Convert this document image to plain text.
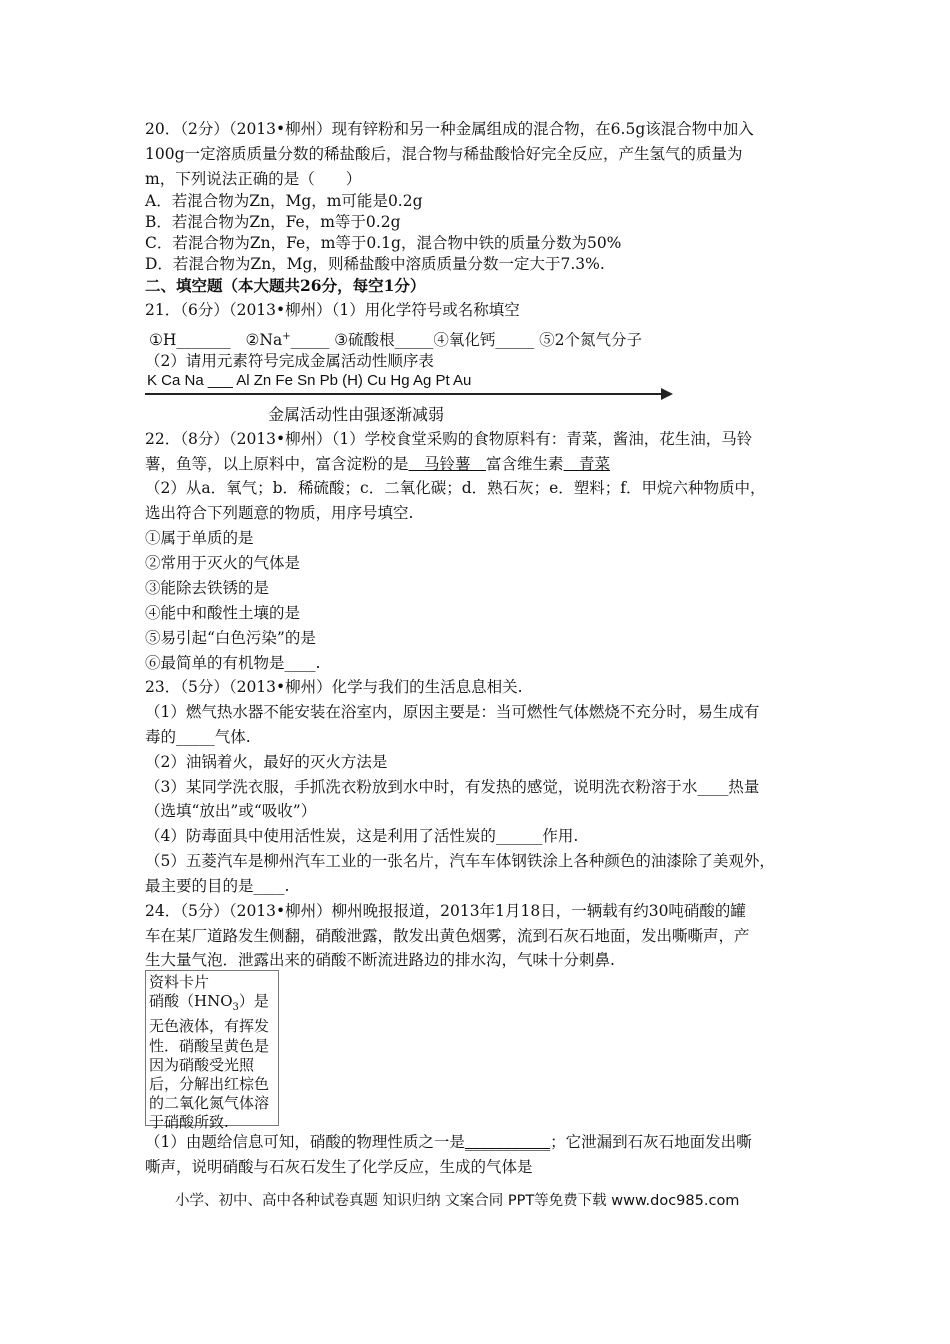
20．（2分）（2013•柳州）现有锌粉和另一种金属组成的混合物，在6.5g该混合物中加入
100g一定溶质质量分数的稀盐酸后，混合物与稀盐酸恰好完全反应，产生氢气的质量为
m，下列说法正确的是（　　）
A．若混合物为Zn，Mg，m可能是0.2g
B．若混合物为Zn，Fe，m等于0.2g
C．若混合物为Zn，Fe，m等于0.1g，混合物中铁的质量分数为50%
D．若混合物为Zn，Mg，则稀盐酸中溶质质量分数一定大于7.3%.
二、填空题（本大题共26分，每空1分）
21．（6分）（2013•柳州）（1）用化学符号或名称填空
①H_______ ②Na+_____ ③硫酸根_____④氧化钙_____ ⑤2个氮气分子
（2）请用元素符号完成金属活动性顺序表
K Ca Na ___ Al Zn Fe Sn Pb (H) Cu Hg Ag Pt Au
金属活动性由强逐渐减弱
22．（8分）（2013•柳州）（1）学校食堂采购的食物原料有：青菜，酱油，花生油，马铃
薯，鱼等，以上原料中，富含淀粉的是　马铃薯　富含维生素　青菜
（2）从a．氧气；b．稀硫酸；c．二氧化碳；d．熟石灰；e．塑料；f．甲烷六种物质中，
选出符合下列题意的物质，用序号填空.
①属于单质的是
②常用于灭火的气体是
③能除去铁锈的是
④能中和酸性土壤的是
⑤易引起“白色污染”的是
⑥最简单的有机物是____.
23．（5分）（2013•柳州）化学与我们的生活息息相关.
（1）燃气热水器不能安装在浴室内，原因主要是：当可燃性气体燃烧不充分时，易生成有
毒的_____气体.
（2）油锅着火，最好的灭火方法是
（3）某同学洗衣服，手抓洗衣粉放到水中时，有发热的感觉，说明洗衣粉溶于水____热量
（选填“放出”或“吸收”）
（4）防毒面具中使用活性炭，这是利用了活性炭的______作用.
（5）五菱汽车是柳州汽车工业的一张名片，汽车车体钢铁涂上各种颜色的油漆除了美观外，
最主要的目的是____.
24．（5分）（2013•柳州）柳州晚报报道，2013年1月18日，一辆载有约30吨硝酸的罐
车在某厂道路发生侧翻，硝酸泄露，散发出黄色烟雾，流到石灰石地面，发出嘶嘶声，产
生大量气泡．泄露出来的硝酸不断流进路边的排水沟，气味十分刺鼻.
资料卡片
硝酸$(HNO_3)$是
无色液体，有挥发
性．硝酸呈黄色是
因为硝酸受光照
后，分解出红棕色
的二氧化氮气体溶
于硝酸所致.
（1）由题给信息可知，硝酸的物理性质之一是___________；它泄漏到石灰石地面发出嘶
嘶声，说明硝酸与石灰石发生了化学反应，生成的气体是
小学、初中、高中各种试卷真题 知识归纳 文案合同 PPT等免费下载 www.doc985.com
